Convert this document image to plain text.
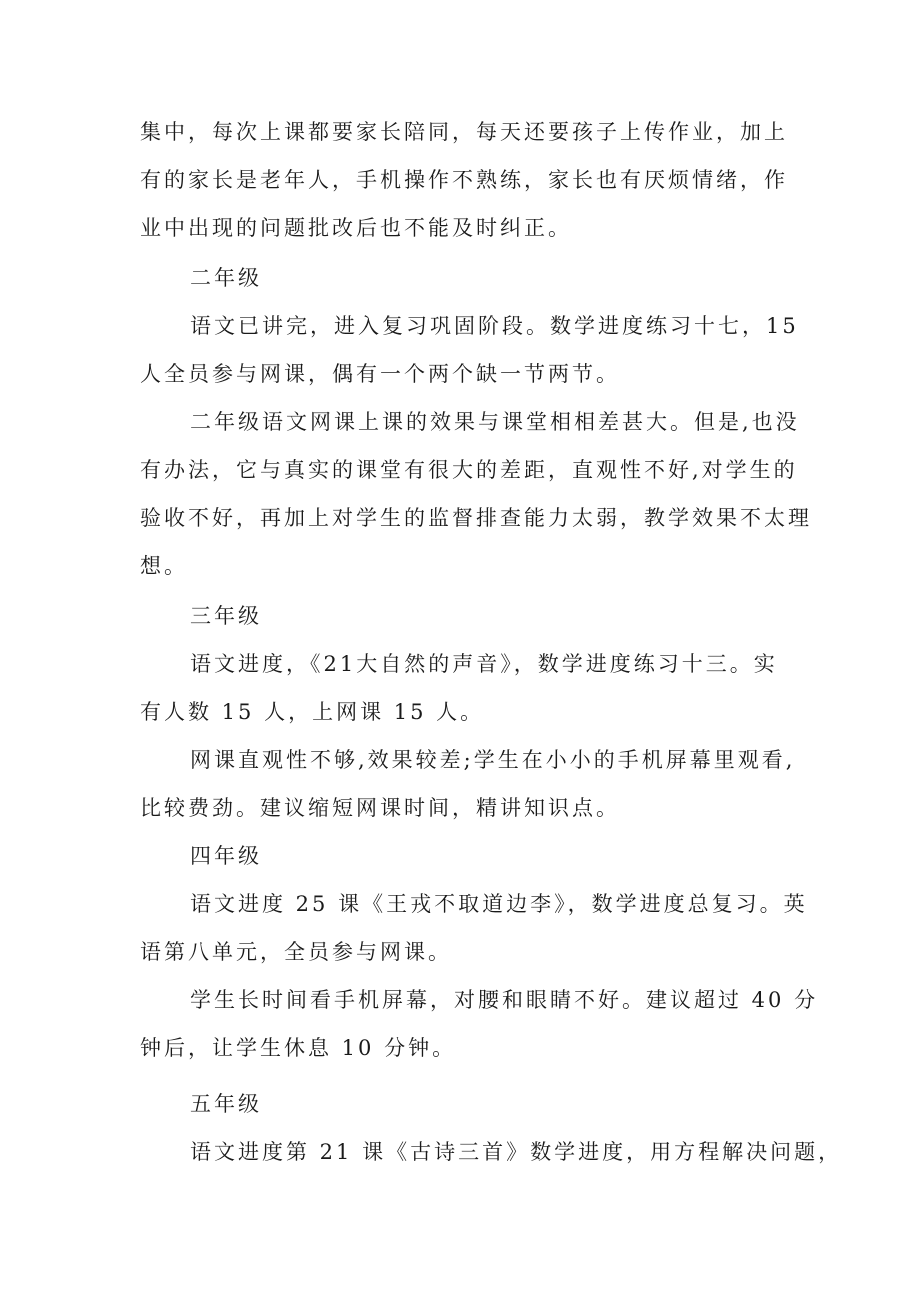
集中，每次上课都要家长陪同，每天还要孩子上传作业，加上
有的家长是老年人，手机操作不熟练，家长也有厌烦情绪，作
业中出现的问题批改后也不能及时纠正。
二年级
语文已讲完，进入复习巩固阶段。数学进度练习十七，15
人全员参与网课，偶有一个两个缺一节两节。
二年级语文网课上课的效果与课堂相相差甚大。但是,也没
有办法，它与真实的课堂有很大的差距，直观性不好,对学生的
验收不好，再加上对学生的监督排查能力太弱，教学效果不太理
想。
三年级
语文进度，《21大自然的声音》，数学进度练习十三。实
有人数 15 人，上网课 15 人。
网课直观性不够,效果较差;学生在小小的手机屏幕里观看,
比较费劲。建议缩短网课时间，精讲知识点。
四年级
语文进度 25 课《王戎不取道边李》，数学进度总复习。英
语第八单元，全员参与网课。
学生长时间看手机屏幕，对腰和眼睛不好。建议超过 40 分
钟后，让学生休息 10 分钟。
五年级
语文进度第 21 课《古诗三首》数学进度，用方程解决问题，
